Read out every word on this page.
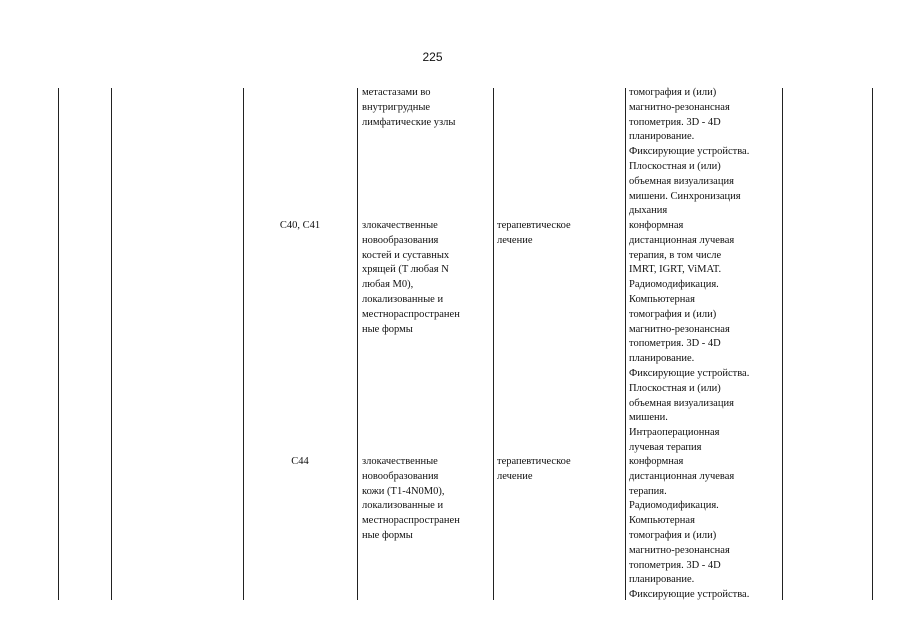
225
метастазами во
внутригрудные
лимфатические узлы
томография и (или)
магнитно-резонансная
топометрия. 3D - 4D
планирование.
Фиксирующие устройства.
Плоскостная и (или)
объемная визуализация
мишени. Синхронизация
дыхания
C40, C41	злокачественные
новообразования
костей и суставных
хрящей (T любая N
любая M0),
локализованные и
местнораспространен
ные формы
терапевтическое
лечение
конформная
дистанционная лучевая
терапия, в том числе
IMRT, IGRT, ViMAT.
Радиомодификация.
Компьютерная
томография и (или)
магнитно-резонансная
топометрия. 3D - 4D
планирование.
Фиксирующие устройства.
Плоскостная и (или)
объемная визуализация
мишени.
Интраоперационная
лучевая терапия
C44	злокачественные
новообразования
кожи (T1-4N0M0),
локализованные и
местнораспространен
ные формы
терапевтическое
лечение
конформная
дистанционная лучевая
терапия.
Радиомодификация.
Компьютерная
томография и (или)
магнитно-резонансная
топометрия. 3D - 4D
планирование.
Фиксирующие устройства.
